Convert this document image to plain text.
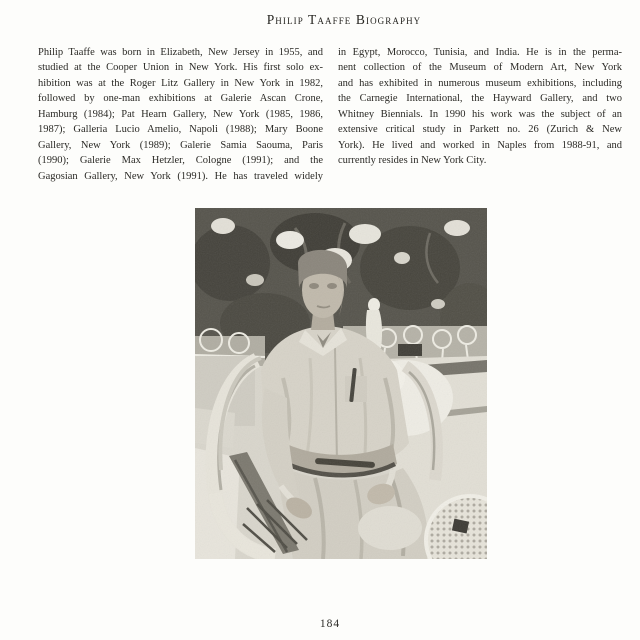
Philip Taaffe Biography
Philip Taaffe was born in Elizabeth, New Jersey in 1955, and
studied at the Cooper Union in New York. His first solo ex-
hibition was at the Roger Litz Gallery in New York in 1982,
followed by one-man exhibitions at Galerie Ascan Crone,
Hamburg (1984); Pat Hearn Gallery, New York (1985, 1986,
1987); Galleria Lucio Amelio, Napoli (1988); Mary Boone
Gallery, New York (1989); Galerie Samia Saouma, Paris
(1990); Galerie Max Hetzler, Cologne (1991); and the
Gagosian Gallery, New York (1991). He has traveled widely
in Egypt, Morocco, Tunisia, and India. He is in the perma-
nent collection of the Museum of Modern Art, New York
and has exhibited in numerous museum exhibitions, including
the Carnegie International, the Hayward Gallery, and two
Whitney Biennials. In 1990 his work was the subject of an
extensive critical study in Parkett no. 26 (Zurich & New
York). He lived and worked in Naples from 1988-91, and
currently resides in New York City.
184
